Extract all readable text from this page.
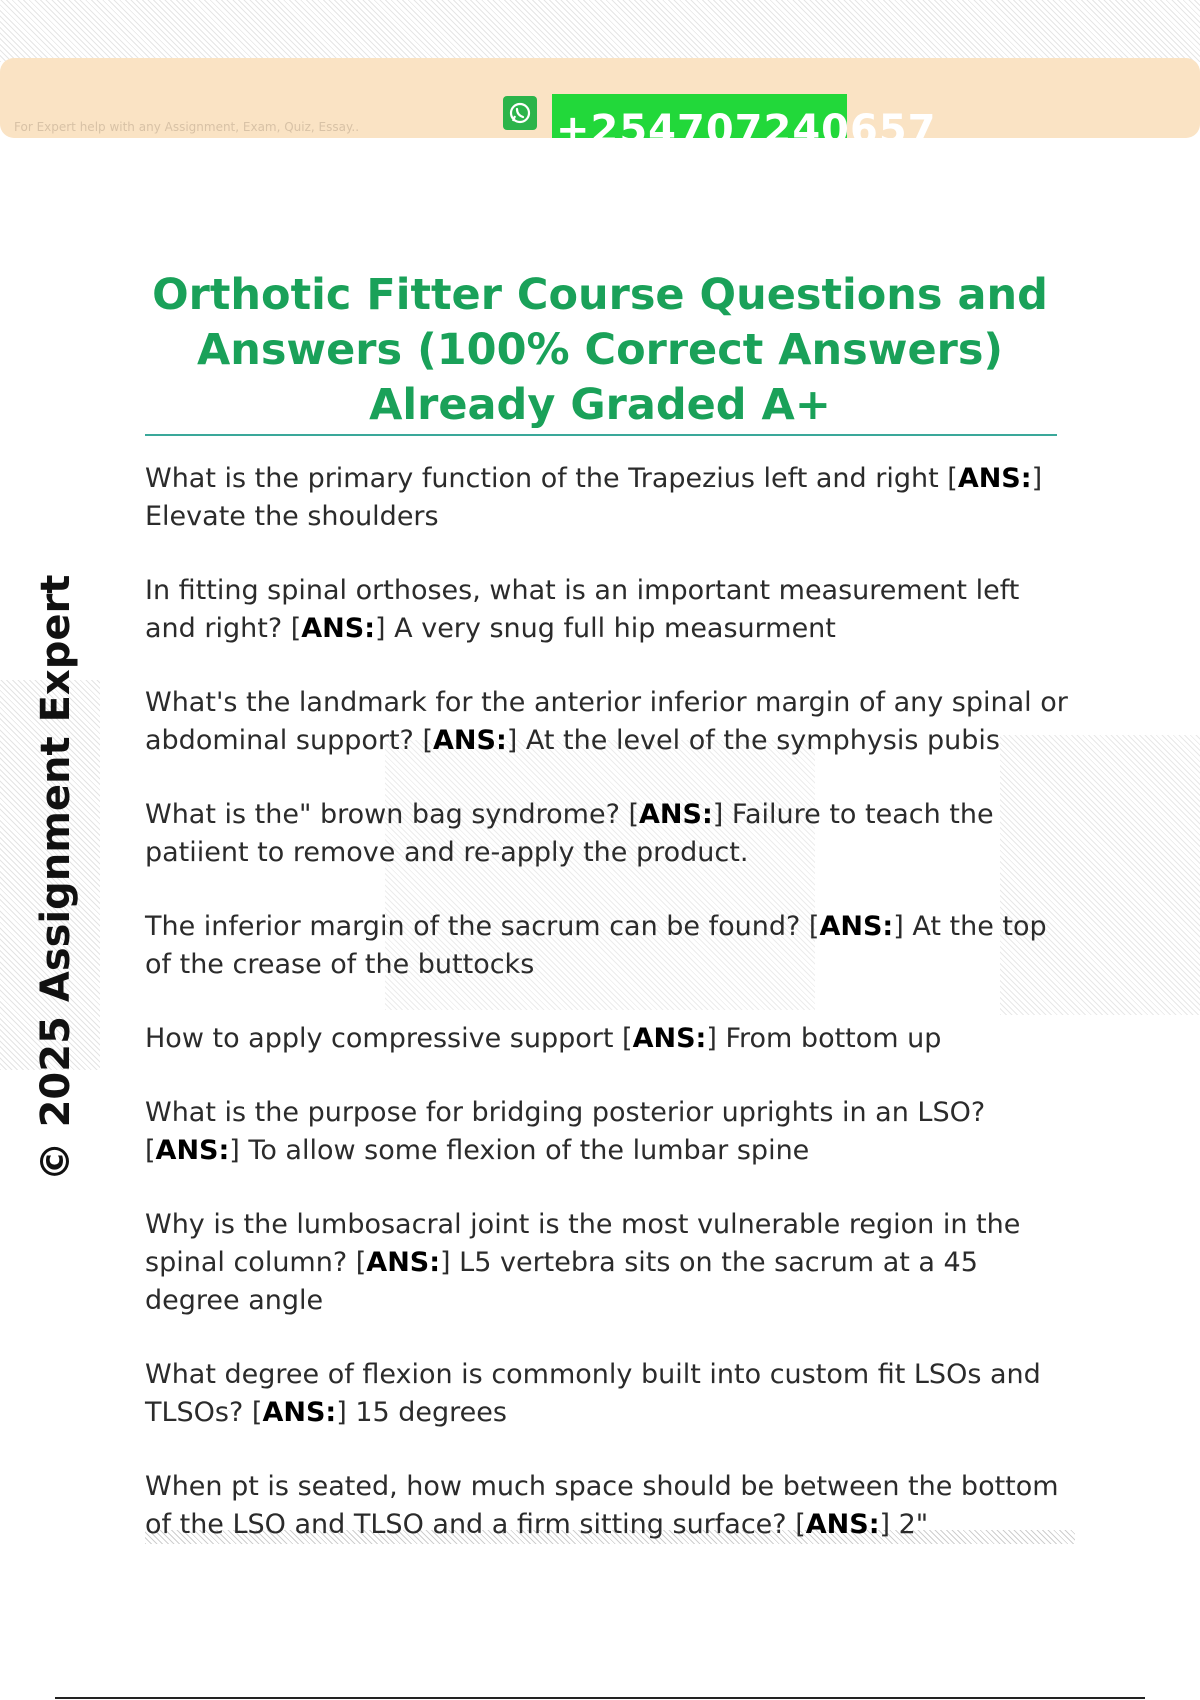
For Expert help with any Assignment, Exam, Quiz, Essay..	+254707240657
© 2025 Assignment Expert
Orthotic Fitter Course Questions and Answers (100% Correct Answers) Already Graded A+

What is the primary function of the Trapezius left and right [ANS:] Elevate the shoulders

In fitting spinal orthoses, what is an important measurement left and right? [ANS:] A very snug full hip measurment

What's the landmark for the anterior inferior margin of any spinal or abdominal support? [ANS:] At the level of the symphysis pubis

What is the" brown bag syndrome? [ANS:] Failure to teach the patiient to remove and re-apply the product.

The inferior margin of the sacrum can be found? [ANS:] At the top of the crease of the buttocks

How to apply compressive support [ANS:] From bottom up

What is the purpose for bridging posterior uprights in an LSO? [ANS:] To allow some flexion of the lumbar spine

Why is the lumbosacral joint is the most vulnerable region in the spinal column? [ANS:] L5 vertebra sits on the sacrum at a 45 degree angle

What degree of flexion is commonly built into custom fit LSOs and TLSOs? [ANS:] 15 degrees

When pt is seated, how much space should be between the bottom of the LSO and TLSO and a firm sitting surface? [ANS:] 2"
